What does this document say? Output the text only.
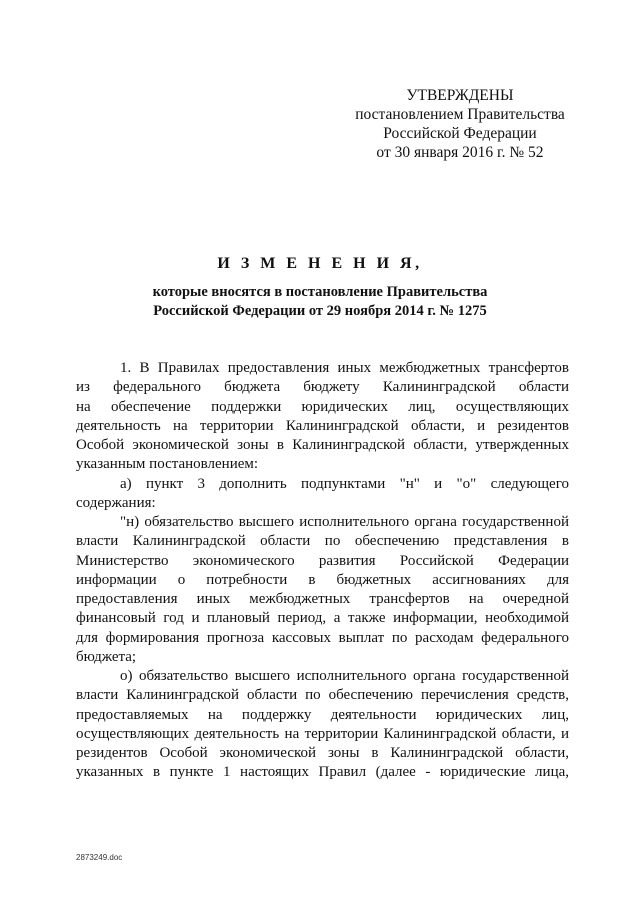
УТВЕРЖДЕНЫ
постановлением Правительства
Российской Федерации
от 30 января 2016 г. № 52
И З М Е Н Е Н И Я,
которые вносятся в постановление Правительства
Российской Федерации от 29 ноября 2014 г. № 1275
1. В Правилах предоставления иных межбюджетных трансфертов
из федерального бюджета бюджету Калининградской области
на обеспечение поддержки юридических лиц, осуществляющих
деятельность на территории Калининградской области, и резидентов
Особой экономической зоны в Калининградской области, утвержденных
указанным постановлением:
а) пункт 3 дополнить подпунктами "н" и "о" следующего
содержания:
"н) обязательство высшего исполнительного органа государственной
власти Калининградской области по обеспечению представления в
Министерство экономического развития Российской Федерации
информации о потребности в бюджетных ассигнованиях для
предоставления иных межбюджетных трансфертов на очередной
финансовый год и плановый период, а также информации, необходимой
для формирования прогноза кассовых выплат по расходам федерального
бюджета;
о) обязательство высшего исполнительного органа государственной
власти Калининградской области по обеспечению перечисления средств,
предоставляемых на поддержку деятельности юридических лиц,
осуществляющих деятельность на территории Калининградской области, и
резидентов Особой экономической зоны в Калининградской области,
указанных в пункте 1 настоящих Правил (далее - юридические лица,
2873249.doc
